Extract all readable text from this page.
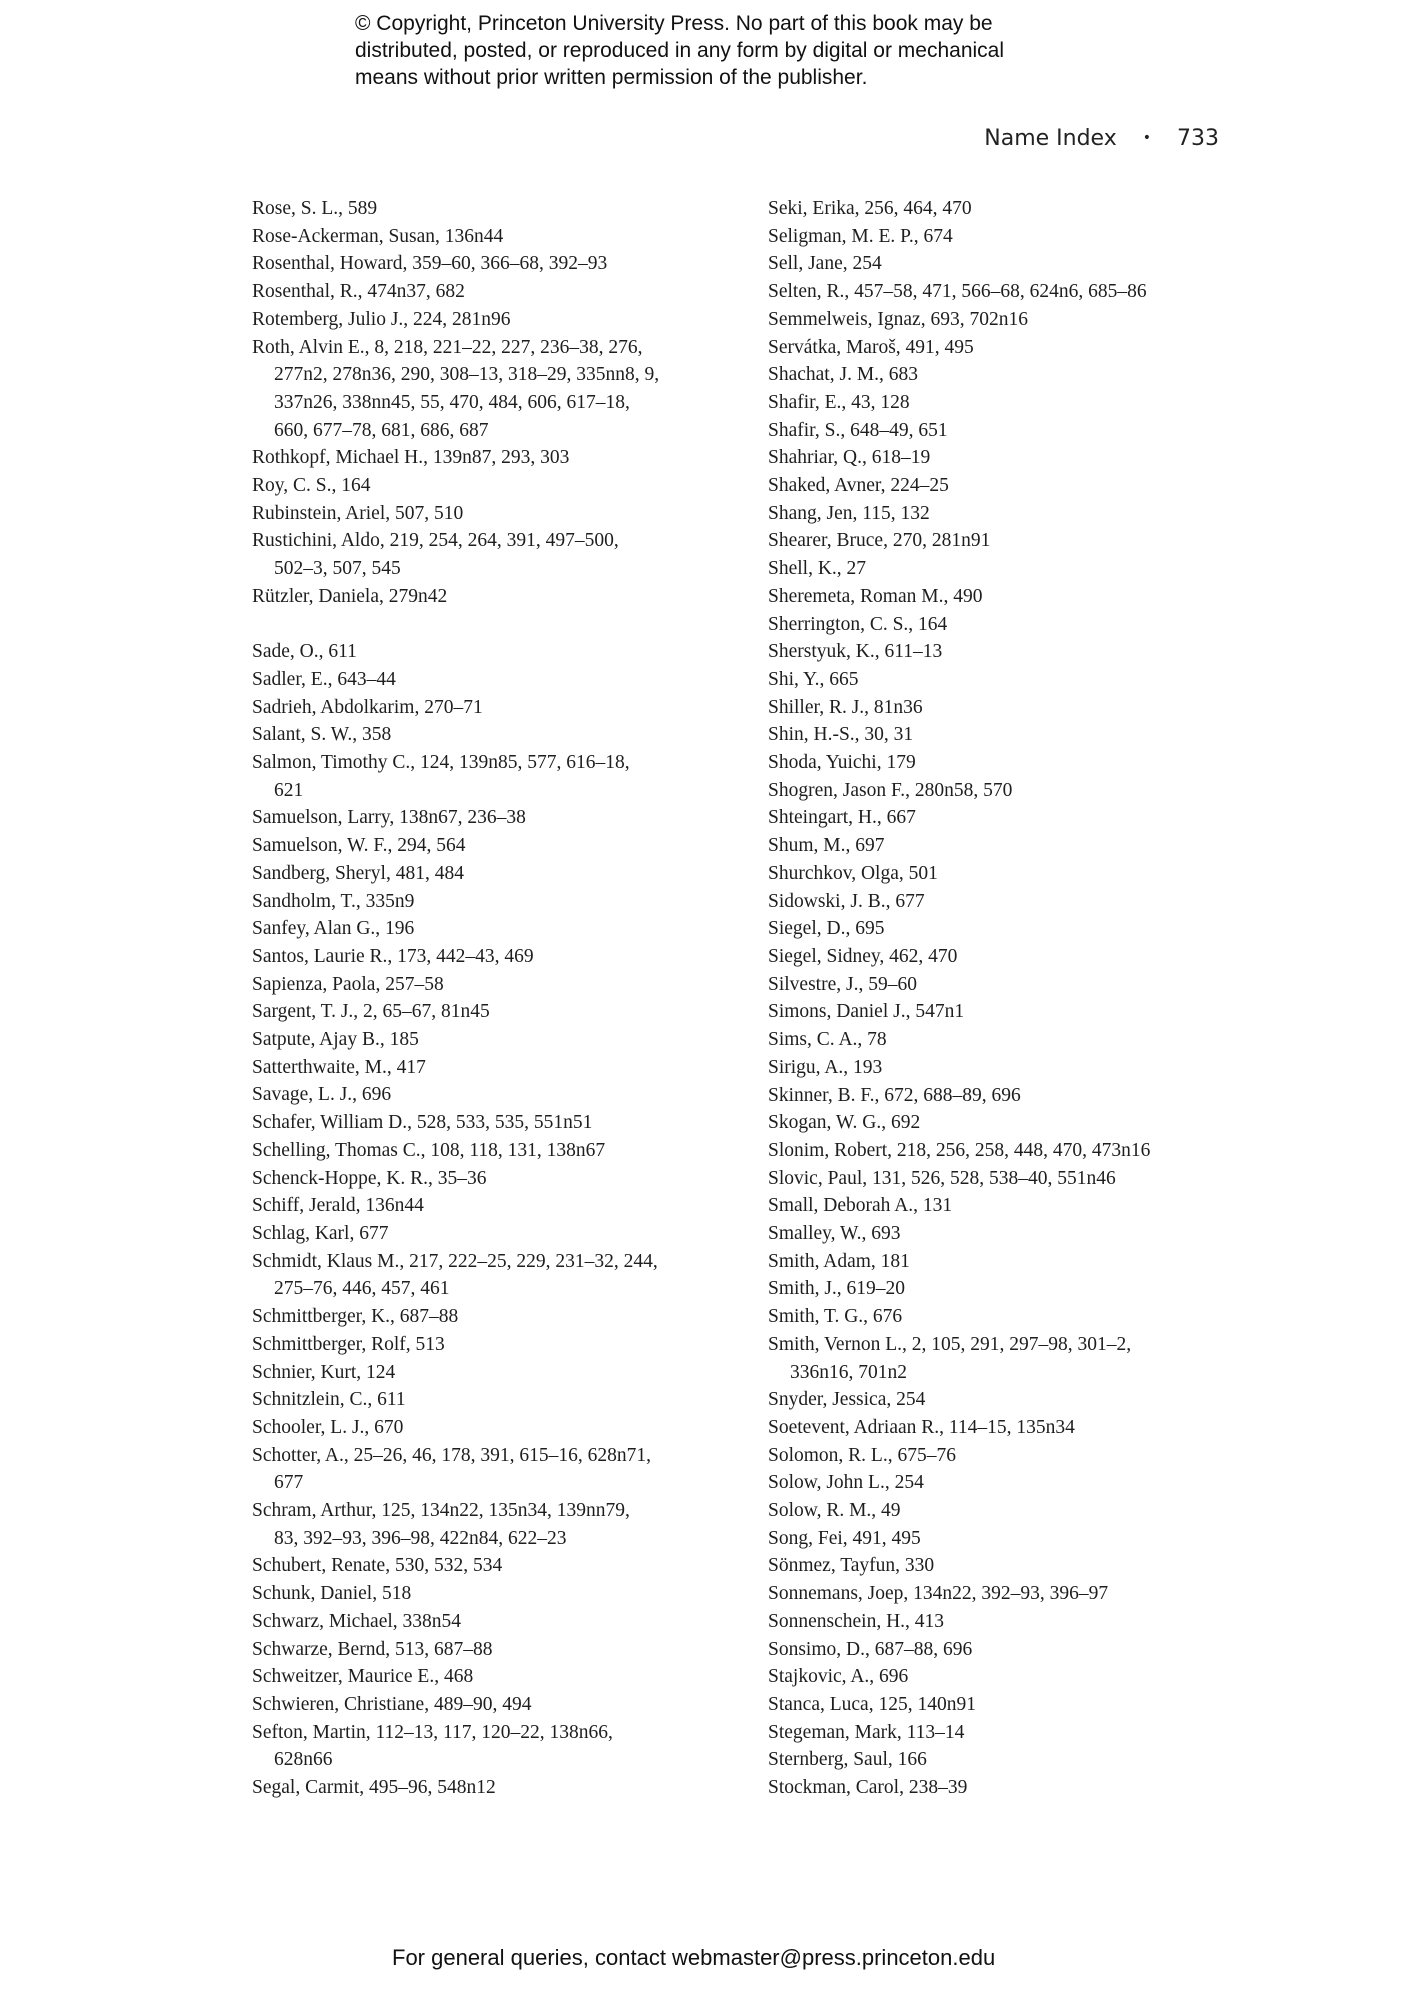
© Copyright, Princeton University Press. No part of this book may be
distributed, posted, or reproduced in any form by digital or mechanical
means without prior written permission of the publisher.
Name Index • 733
Rose, S. L., 589
Rose-Ackerman, Susan, 136n44
Rosenthal, Howard, 359–60, 366–68, 392–93
Rosenthal, R., 474n37, 682
Rotemberg, Julio J., 224, 281n96
Roth, Alvin E., 8, 218, 221–22, 227, 236–38, 276,
277n2, 278n36, 290, 308–13, 318–29, 335nn8, 9,
337n26, 338nn45, 55, 470, 484, 606, 617–18,
660, 677–78, 681, 686, 687
Rothkopf, Michael H., 139n87, 293, 303
Roy, C. S., 164
Rubinstein, Ariel, 507, 510
Rustichini, Aldo, 219, 254, 264, 391, 497–500,
502–3, 507, 545
Rützler, Daniela, 279n42
Sade, O., 611
Sadler, E., 643–44
Sadrieh, Abdolkarim, 270–71
Salant, S. W., 358
Salmon, Timothy C., 124, 139n85, 577, 616–18,
621
Samuelson, Larry, 138n67, 236–38
Samuelson, W. F., 294, 564
Sandberg, Sheryl, 481, 484
Sandholm, T., 335n9
Sanfey, Alan G., 196
Santos, Laurie R., 173, 442–43, 469
Sapienza, Paola, 257–58
Sargent, T. J., 2, 65–67, 81n45
Satpute, Ajay B., 185
Satterthwaite, M., 417
Savage, L. J., 696
Schafer, William D., 528, 533, 535, 551n51
Schelling, Thomas C., 108, 118, 131, 138n67
Schenck-Hoppe, K. R., 35–36
Schiff, Jerald, 136n44
Schlag, Karl, 677
Schmidt, Klaus M., 217, 222–25, 229, 231–32, 244,
275–76, 446, 457, 461
Schmittberger, K., 687–88
Schmittberger, Rolf, 513
Schnier, Kurt, 124
Schnitzlein, C., 611
Schooler, L. J., 670
Schotter, A., 25–26, 46, 178, 391, 615–16, 628n71,
677
Schram, Arthur, 125, 134n22, 135n34, 139nn79,
83, 392–93, 396–98, 422n84, 622–23
Schubert, Renate, 530, 532, 534
Schunk, Daniel, 518
Schwarz, Michael, 338n54
Schwarze, Bernd, 513, 687–88
Schweitzer, Maurice E., 468
Schwieren, Christiane, 489–90, 494
Sefton, Martin, 112–13, 117, 120–22, 138n66,
628n66
Segal, Carmit, 495–96, 548n12
Seki, Erika, 256, 464, 470
Seligman, M. E. P., 674
Sell, Jane, 254
Selten, R., 457–58, 471, 566–68, 624n6, 685–86
Semmelweis, Ignaz, 693, 702n16
Servátka, Maroš, 491, 495
Shachat, J. M., 683
Shafir, E., 43, 128
Shafir, S., 648–49, 651
Shahriar, Q., 618–19
Shaked, Avner, 224–25
Shang, Jen, 115, 132
Shearer, Bruce, 270, 281n91
Shell, K., 27
Sheremeta, Roman M., 490
Sherrington, C. S., 164
Sherstyuk, K., 611–13
Shi, Y., 665
Shiller, R. J., 81n36
Shin, H.-S., 30, 31
Shoda, Yuichi, 179
Shogren, Jason F., 280n58, 570
Shteingart, H., 667
Shum, M., 697
Shurchkov, Olga, 501
Sidowski, J. B., 677
Siegel, D., 695
Siegel, Sidney, 462, 470
Silvestre, J., 59–60
Simons, Daniel J., 547n1
Sims, C. A., 78
Sirigu, A., 193
Skinner, B. F., 672, 688–89, 696
Skogan, W. G., 692
Slonim, Robert, 218, 256, 258, 448, 470, 473n16
Slovic, Paul, 131, 526, 528, 538–40, 551n46
Small, Deborah A., 131
Smalley, W., 693
Smith, Adam, 181
Smith, J., 619–20
Smith, T. G., 676
Smith, Vernon L., 2, 105, 291, 297–98, 301–2,
336n16, 701n2
Snyder, Jessica, 254
Soetevent, Adriaan R., 114–15, 135n34
Solomon, R. L., 675–76
Solow, John L., 254
Solow, R. M., 49
Song, Fei, 491, 495
Sönmez, Tayfun, 330
Sonnemans, Joep, 134n22, 392–93, 396–97
Sonnenschein, H., 413
Sonsimo, D., 687–88, 696
Stajkovic, A., 696
Stanca, Luca, 125, 140n91
Stegeman, Mark, 113–14
Sternberg, Saul, 166
Stockman, Carol, 238–39
For general queries, contact webmaster@press.princeton.edu
